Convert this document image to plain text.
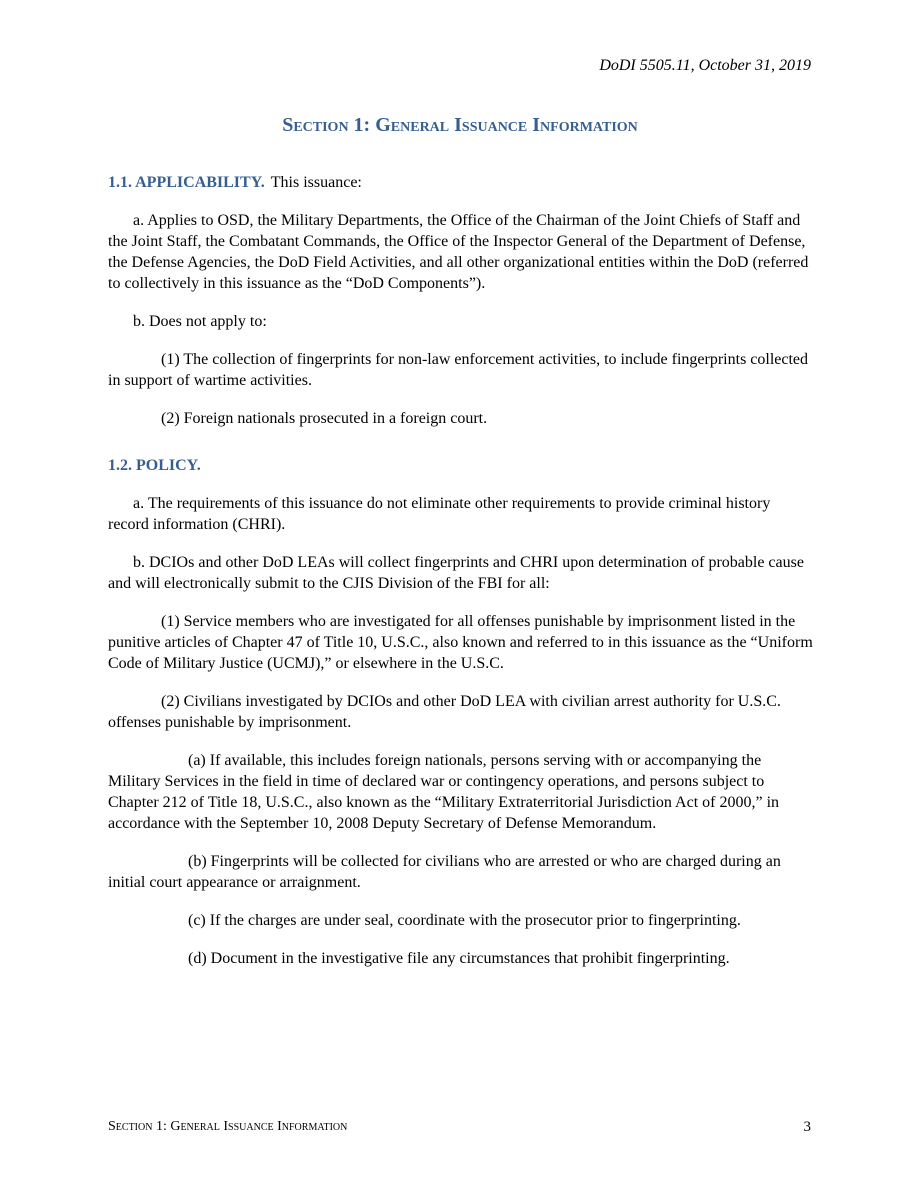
DoDI 5505.11, October 31, 2019
Section 1: General Issuance Information

1.1. APPLICABILITY. This issuance:

a. Applies to OSD, the Military Departments, the Office of the Chairman of the Joint Chiefs of Staff and the Joint Staff, the Combatant Commands, the Office of the Inspector General of the Department of Defense, the Defense Agencies, the DoD Field Activities, and all other organizational entities within the DoD (referred to collectively in this issuance as the “DoD Components”).

b. Does not apply to:

(1) The collection of fingerprints for non-law enforcement activities, to include fingerprints collected in support of wartime activities.

(2) Foreign nationals prosecuted in a foreign court.

1.2. POLICY.

a. The requirements of this issuance do not eliminate other requirements to provide criminal history record information (CHRI).

b. DCIOs and other DoD LEAs will collect fingerprints and CHRI upon determination of probable cause and will electronically submit to the CJIS Division of the FBI for all:

(1) Service members who are investigated for all offenses punishable by imprisonment listed in the punitive articles of Chapter 47 of Title 10, U.S.C., also known and referred to in this issuance as the “Uniform Code of Military Justice (UCMJ),” or elsewhere in the U.S.C.

(2) Civilians investigated by DCIOs and other DoD LEA with civilian arrest authority for U.S.C. offenses punishable by imprisonment.

(a) If available, this includes foreign nationals, persons serving with or accompanying the Military Services in the field in time of declared war or contingency operations, and persons subject to Chapter 212 of Title 18, U.S.C., also known as the “Military Extraterritorial Jurisdiction Act of 2000,” in accordance with the September 10, 2008 Deputy Secretary of Defense Memorandum.

(b) Fingerprints will be collected for civilians who are arrested or who are charged during an initial court appearance or arraignment.

(c) If the charges are under seal, coordinate with the prosecutor prior to fingerprinting.

(d) Document in the investigative file any circumstances that prohibit fingerprinting.

Section 1: General Issuance Information	3
